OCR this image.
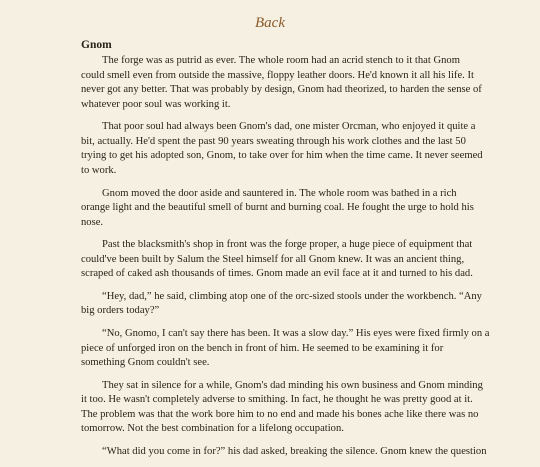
Back
Gnom
The forge was as putrid as ever. The whole room had an acrid stench to it that Gnom
could smell even from outside the massive, floppy leather doors. He'd known it all his life. It
never got any better. That was probably by design, Gnom had theorized, to harden the sense of
whatever poor soul was working it.
That poor soul had always been Gnom's dad, one mister Orcman, who enjoyed it quite a
bit, actually. He'd spent the past 90 years sweating through his work clothes and the last 50
trying to get his adopted son, Gnom, to take over for him when the time came. It never seemed
to work.
Gnom moved the door aside and sauntered in. The whole room was bathed in a rich
orange light and the beautiful smell of burnt and burning coal. He fought the urge to hold his
nose.
Past the blacksmith's shop in front was the forge proper, a huge piece of equipment that
could've been built by Salum the Steel himself for all Gnom knew. It was an ancient thing,
scraped of caked ash thousands of times. Gnom made an evil face at it and turned to his dad.
“Hey, dad,” he said, climbing atop one of the orc-sized stools under the workbench. “Any
big orders today?”
“No, Gnomo, I can't say there has been. It was a slow day.” His eyes were fixed firmly on a
piece of unforged iron on the bench in front of him. He seemed to be examining it for
something Gnom couldn't see.
They sat in silence for a while, Gnom's dad minding his own business and Gnom minding
it too. He wasn't completely adverse to smithing. In fact, he thought he was pretty good at it.
The problem was that the work bore him to no end and made his bones ache like there was no
tomorrow. Not the best combination for a lifelong occupation.
“What did you come in for?” his dad asked, breaking the silence. Gnom knew the question
